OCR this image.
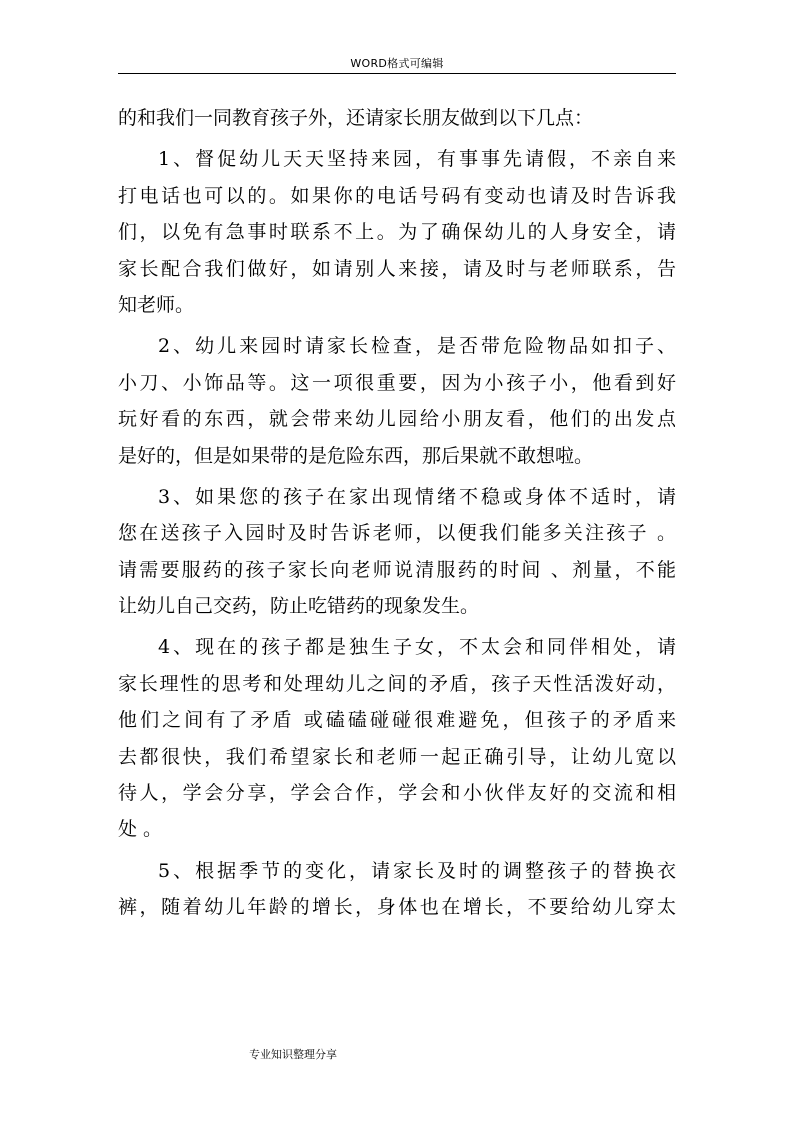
WORD格式可编辑
的和我们一同教育孩子外，还请家长朋友做到以下几点：
1、督促幼儿天天坚持来园，有事事先请假，不亲自来
打电话也可以的。如果你的电话号码有变动也请及时告诉我
们，以免有急事时联系不上。为了确保幼儿的人身安全，请
家长配合我们做好，如请别人来接，请及时与老师联系，告
知老师。
2、幼儿来园时请家长检查，是否带危险物品如扣子、
小刀、小饰品等。这一项很重要，因为小孩子小，他看到好
玩好看的东西，就会带来幼儿园给小朋友看，他们的出发点
是好的，但是如果带的是危险东西，那后果就不敢想啦。
3、如果您的孩子在家出现情绪不稳或身体不适时，请
您在送孩子入园时及时告诉老师，以便我们能多关注孩子 。
请需要服药的孩子家长向老师说清服药的时间 、剂量，不能
让幼儿自己交药，防止吃错药的现象发生。
4、现在的孩子都是独生子女，不太会和同伴相处，请
家长理性的思考和处理幼儿之间的矛盾，孩子天性活泼好动，
他们之间有了矛盾 或磕磕碰碰很难避免，但孩子的矛盾来
去都很快，我们希望家长和老师一起正确引导，让幼儿宽以
待人，学会分享，学会合作，学会和小伙伴友好的交流和相
处 。
5、根据季节的变化，请家长及时的调整孩子的替换衣
裤，随着幼儿年龄的增长，身体也在增长，不要给幼儿穿太
专业知识整理分享
